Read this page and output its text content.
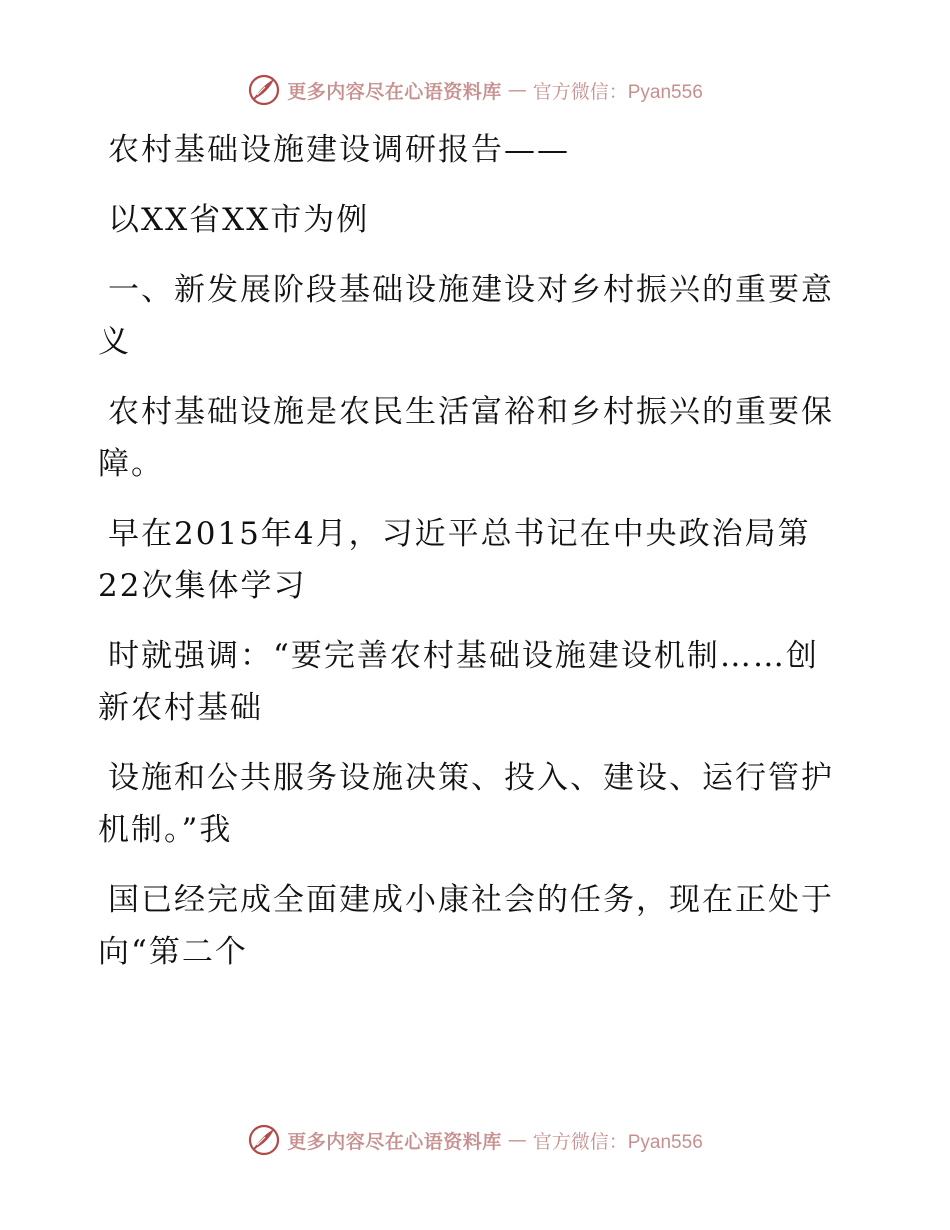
更多内容尽在心语资料库 — 官方微信：Pyan556

农村基础设施建设调研报告——

以XX省XX市为例

一、新发展阶段基础设施建设对乡村振兴的重要意义

农村基础设施是农民生活富裕和乡村振兴的重要保障。

早在2015年4月，习近平总书记在中央政治局第22次集体学习

时就强调：“要完善农村基础设施建设机制……创新农村基础

设施和公共服务设施决策、投入、建设、运行管护机制。”我

国已经完成全面建成小康社会的任务，现在正处于向“第二个

更多内容尽在心语资料库 — 官方微信：Pyan556
